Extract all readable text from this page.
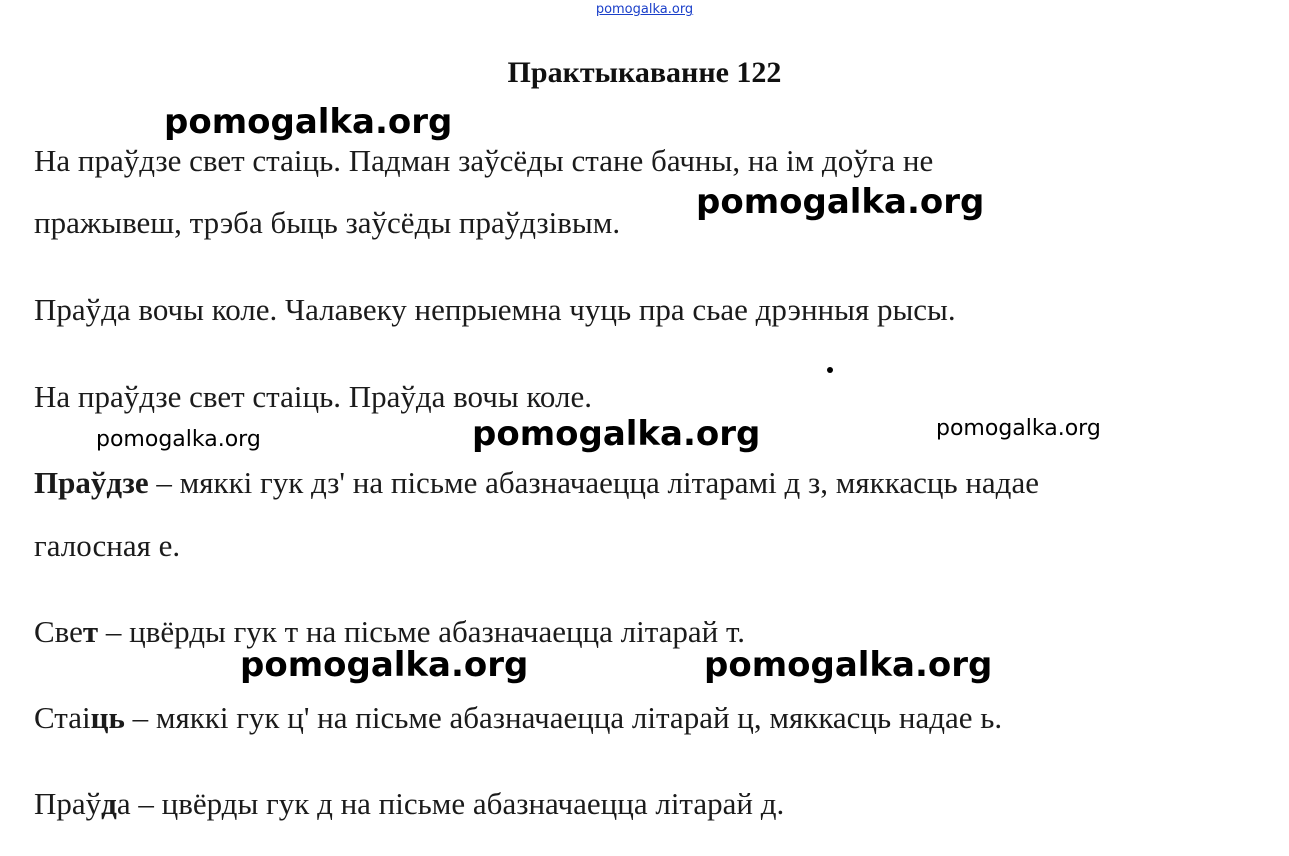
pomogalka.org
Практыкаванне 122
На праўдзе свет стаіць. Падман заўсёды стане бачны, на ім доўга не
пражывеш, трэба быць заўсёды праўдзівым.
Праўда вочы коле. Чалавеку непрыемна чуць пра сьае дрэнныя рысы.
На праўдзе свет стаіць. Праўда вочы коле.
Праўдзе – мяккі гук дз' на пісьме абазначаецца літарамі д з, мяккасць надае
галосная е.
Свет – цвёрды гук т на пісьме абазначаецца літарай т.
Стаіць – мяккі гук ц' на пісьме абазначаецца літарай ц, мяккасць надае ь.
Праўда – цвёрды гук д на пісьме абазначаецца літарай д.
pomogalka.org
pomogalka.org
pomogalka.org	pomogalka.org	pomogalka.org
pomogalka.org	pomogalka.org
